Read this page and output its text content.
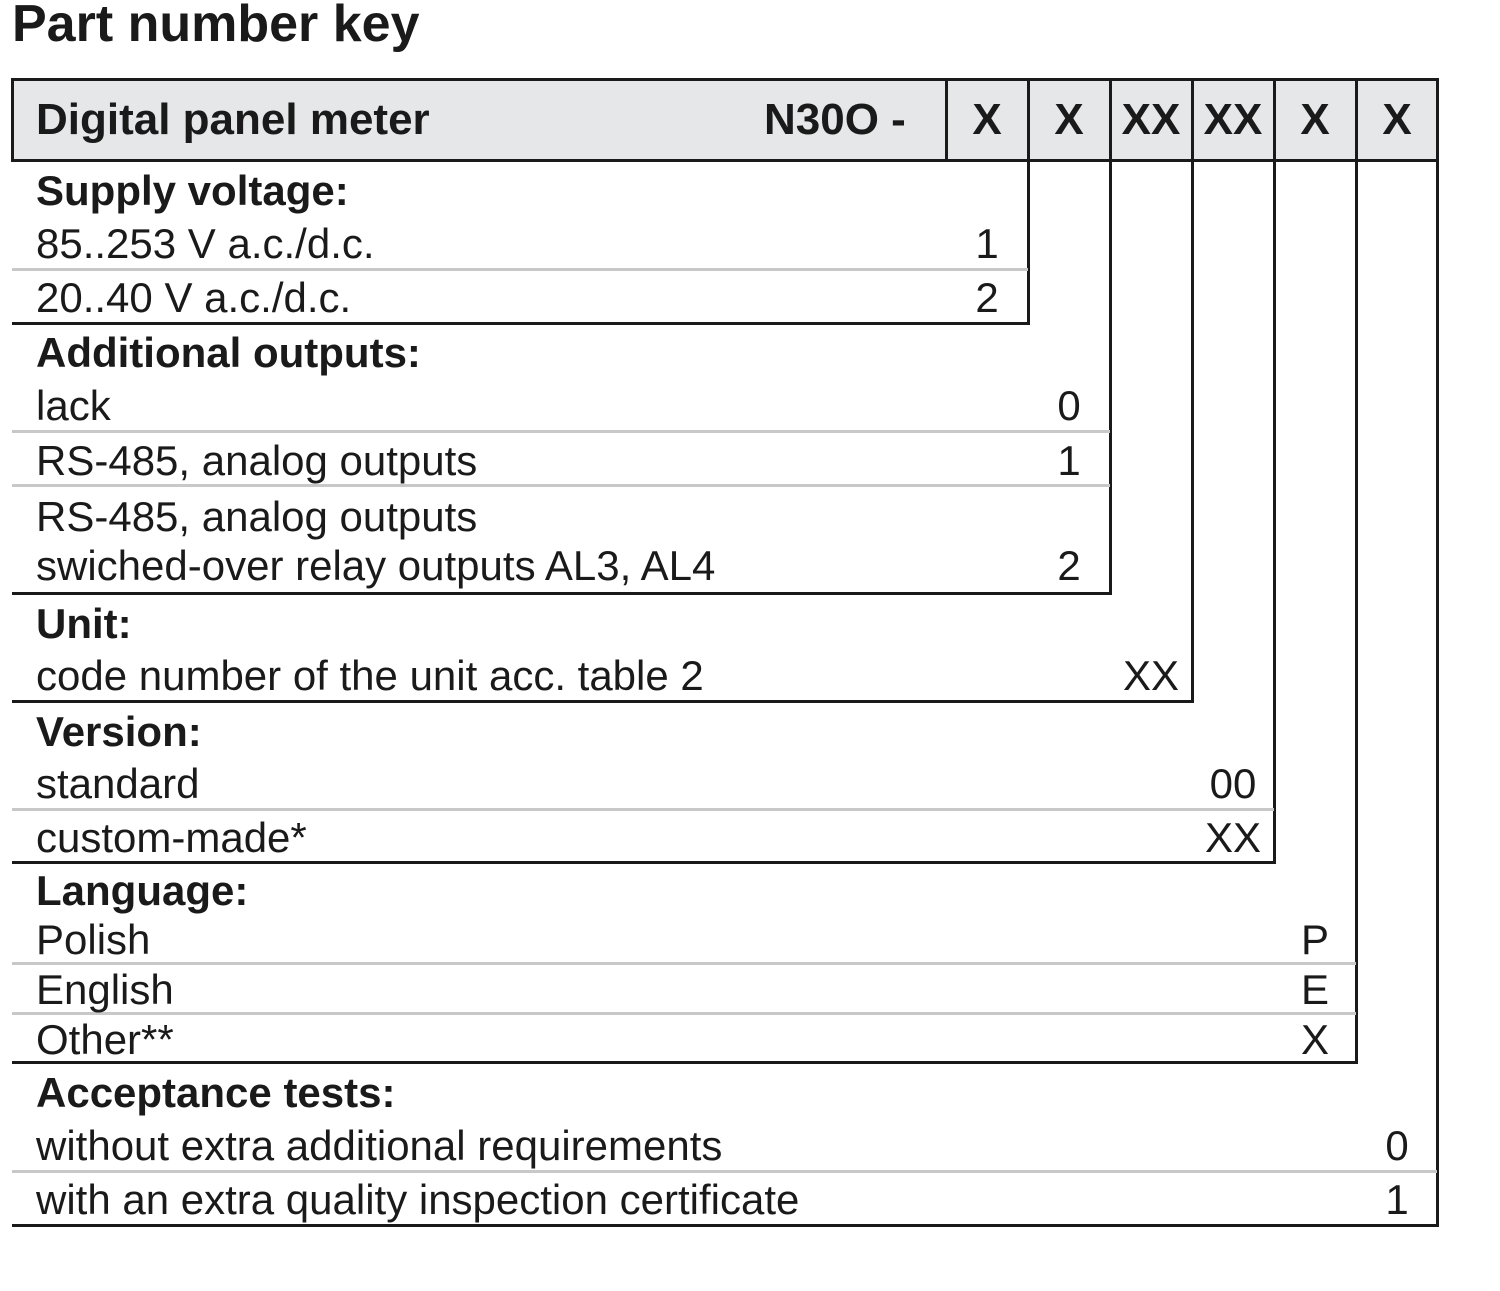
Part number key
Digital panel meter	N30O - X X XX XX X X
Supply voltage:
85..253 V a.c./d.c.	1
20..40 V a.c./d.c.	2
Additional outputs:
lack	0
RS-485, analog outputs	1
RS-485, analog outputs
swiched-over relay outputs AL3, AL4	2
Unit:
code number of the unit acc. table 2	XX
Version:
standard	00
custom-made*	XX
Language:
Polish	P
English	E
Other**	X
Acceptance tests:
without extra additional requirements	0
with an extra quality inspection certificate	1
